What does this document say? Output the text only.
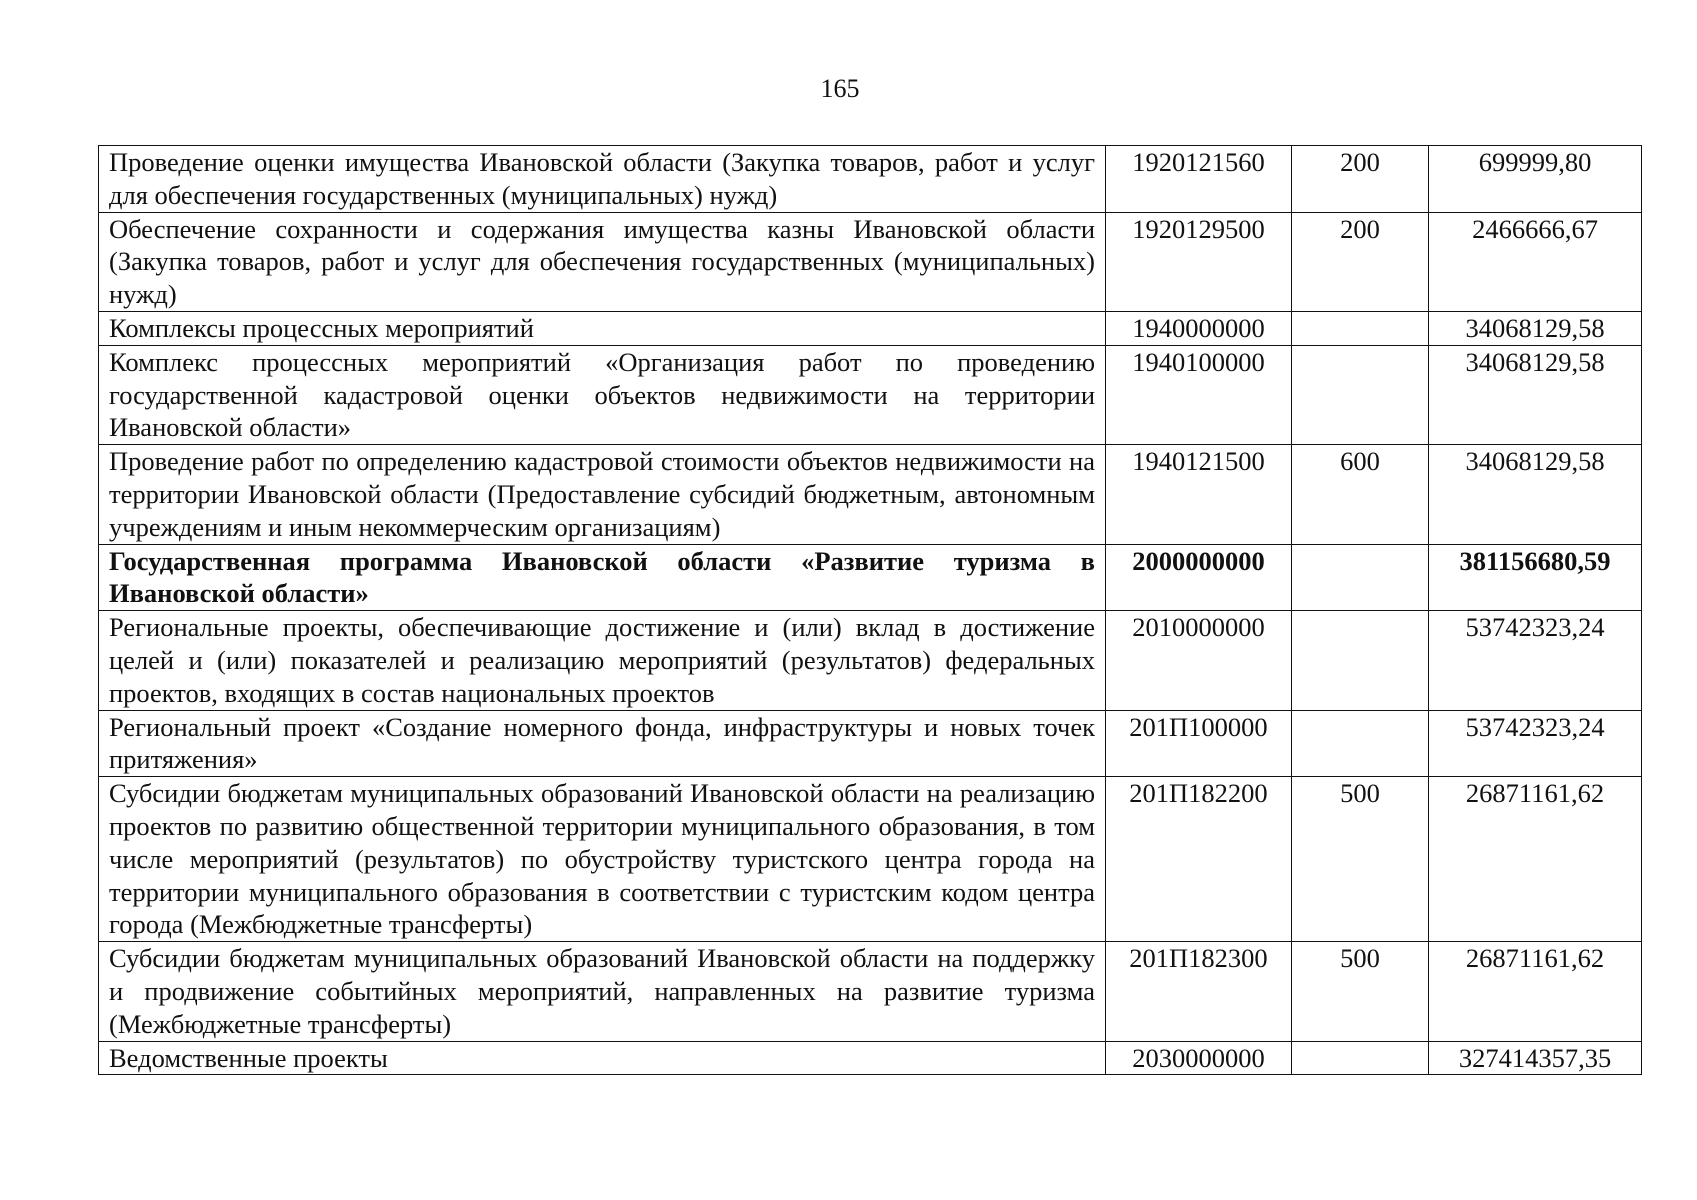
165
Проведение оценки имущества Ивановской области (Закупка товаров, работ и услуг для обеспечения государственных (муниципальных) нужд)	1920121560	200	699999,80
Обеспечение сохранности и содержания имущества казны Ивановской области (Закупка товаров, работ и услуг для обеспечения государственных (муниципальных) нужд)	1920129500	200	2466666,67
Комплексы процессных мероприятий	1940000000		34068129,58
Комплекс процессных мероприятий «Организация работ по проведению государственной кадастровой оценки объектов недвижимости на территории Ивановской области»	1940100000		34068129,58
Проведение работ по определению кадастровой стоимости объектов недвижимости на территории Ивановской области (Предоставление субсидий бюджетным, автономным учреждениям и иным некоммерческим организациям)	1940121500	600	34068129,58
Государственная программа Ивановской области «Развитие туризма в Ивановской области»	2000000000		381156680,59
Региональные проекты, обеспечивающие достижение и (или) вклад в достижение целей и (или) показателей и реализацию мероприятий (результатов) федеральных проектов, входящих в состав национальных проектов	2010000000		53742323,24
Региональный проект «Создание номерного фонда, инфраструктуры и новых точек притяжения»	201П100000		53742323,24
Субсидии бюджетам муниципальных образований Ивановской области на реализацию проектов по развитию общественной территории муниципального образования, в том числе мероприятий (результатов) по обустройству туристского центра города на территории муниципального образования в соответствии с туристским кодом центра города (Межбюджетные трансферты)	201П182200	500	26871161,62
Субсидии бюджетам муниципальных образований Ивановской области на поддержку и продвижение событийных мероприятий, направленных на развитие туризма (Межбюджетные трансферты)	201П182300	500	26871161,62
Ведомственные проекты	2030000000		327414357,35
